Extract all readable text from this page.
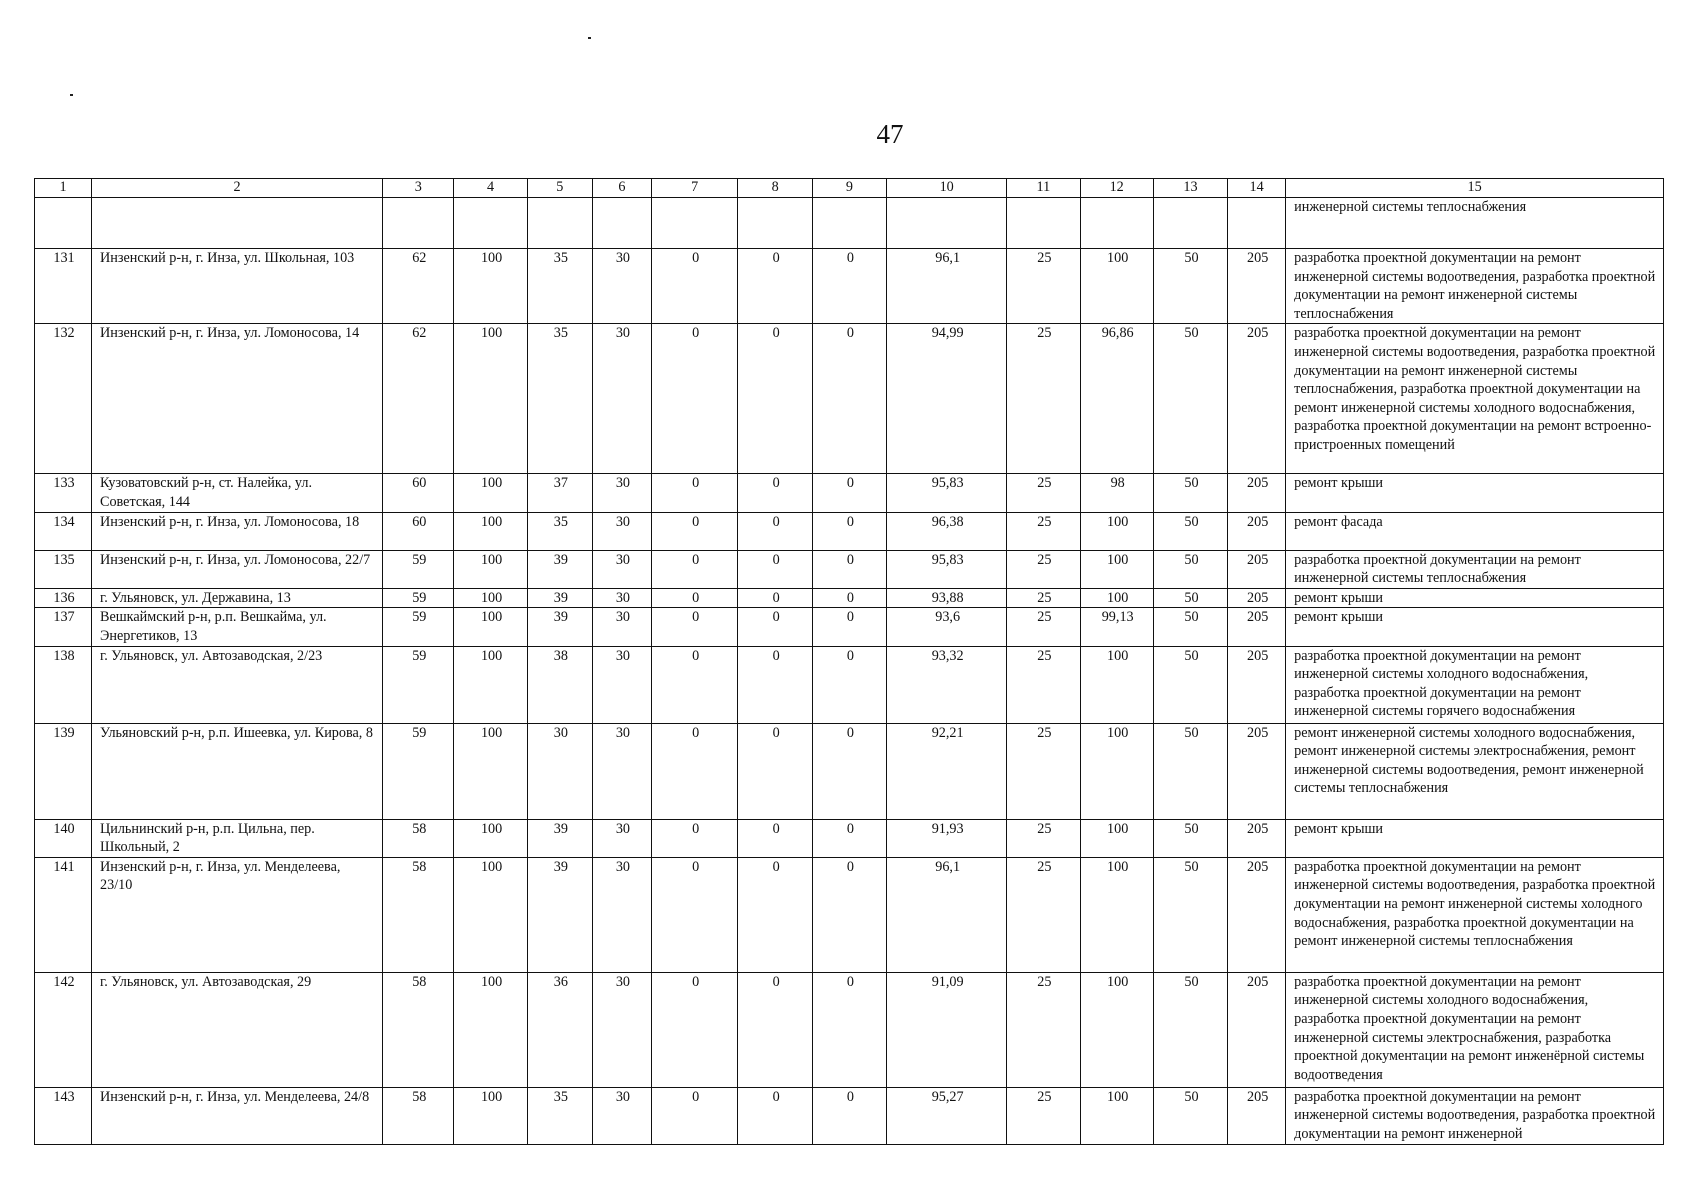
47
1	2	3	4	5	6	7	8	9	10	11	12	13	14	15
														инженерной системы теплоснабжения
131	Инзенский р-н, г. Инза, ул. Школьная, 103	62	100	35	30	0	0	0	96,1	25	100	50	205	разработка проектной документации на ремонт инженерной системы водоотведения, разработка проектной документации на ремонт инженерной системы теплоснабжения
132	Инзенский р-н, г. Инза, ул. Ломоносова, 14	62	100	35	30	0	0	0	94,99	25	96,86	50	205	разработка проектной документации на ремонт инженерной системы водоотведения, разработка проектной документации на ремонт инженерной системы теплоснабжения, разработка проектной документации на ремонт инженерной системы холодного водоснабжения, разработка проектной документации на ремонт встроенно-пристроенных помещений
133	Кузоватовский р-н, ст. Налейка, ул. Советская, 144	60	100	37	30	0	0	0	95,83	25	98	50	205	ремонт крыши
134	Инзенский р-н, г. Инза, ул. Ломоносова, 18	60	100	35	30	0	0	0	96,38	25	100	50	205	ремонт фасада
135	Инзенский р-н, г. Инза, ул. Ломоносова, 22/7	59	100	39	30	0	0	0	95,83	25	100	50	205	разработка проектной документации на ремонт инженерной системы теплоснабжения
136	г. Ульяновск, ул. Державина, 13	59	100	39	30	0	0	0	93,88	25	100	50	205	ремонт крыши
137	Вешкаймский р-н, р.п. Вешкайма, ул. Энергетиков, 13	59	100	39	30	0	0	0	93,6	25	99,13	50	205	ремонт крыши
138	г. Ульяновск, ул. Автозаводская, 2/23	59	100	38	30	0	0	0	93,32	25	100	50	205	разработка проектной документации на ремонт инженерной системы холодного водоснабжения, разработка проектной документации на ремонт инженерной системы горячего водоснабжения
139	Ульяновский р-н, р.п. Ишеевка, ул. Кирова, 8	59	100	30	30	0	0	0	92,21	25	100	50	205	ремонт инженерной системы холодного водоснабжения, ремонт инженерной системы электроснабжения, ремонт инженерной системы водоотведения, ремонт инженерной системы теплоснабжения
140	Цильнинский р-н, р.п. Цильна, пер. Школьный, 2	58	100	39	30	0	0	0	91,93	25	100	50	205	ремонт крыши
141	Инзенский р-н, г. Инза, ул. Менделеева, 23/10	58	100	39	30	0	0	0	96,1	25	100	50	205	разработка проектной документации на ремонт инженерной системы водоотведения, разработка проектной документации на ремонт инженерной системы холодного водоснабжения, разработка проектной документации на ремонт инженерной системы теплоснабжения
142	г. Ульяновск, ул. Автозаводская, 29	58	100	36	30	0	0	0	91,09	25	100	50	205	разработка проектной документации на ремонт инженерной системы холодного водоснабжения, разработка проектной документации на ремонт инженерной системы электроснабжения, разработка проектной документации на ремонт инженёрной системы водоотведения
143	Инзенский р-н, г. Инза, ул. Менделеева, 24/8	58	100	35	30	0	0	0	95,27	25	100	50	205	разработка проектной документации на ремонт инженерной системы водоотведения, разработка проектной документации на ремонт инженерной
